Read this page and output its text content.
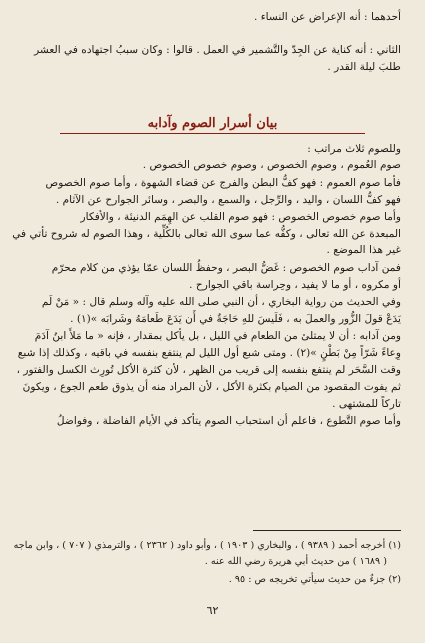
أحدهما : أنه الإعراض عن النساء .
الثاني : أنه كناية عن الجِدّ والتَّشمير في العمل . قالوا : وكان سببُ اجتهاده في العشر
طلبَ ليلة القدر .
بيان أسرار الصوم وآدابه
وللصوم ثلاث مراتب :
صوم العُموم ، وصوم الخصوص ، وصوم خصوص الخصوص .
فأما صوم العموم : فهو كفُّ البطن والفرج عن قضاء الشهوة ، وأما صوم الخصوص
فهو كفُّ اللسان ، واليد ، والرِّجل ، والسمع ، والبصر ، وسائر الجوارح عن الآثام .
وأما صوم خصوص الخصوص : فهو صوم القلب عن الهِمَم الدنيئة ، والأفكار
المبعدة عن الله تعالى ، وكفُّه عما سوى الله تعالى بالكُلِّية ، وهذا الصوم له شروح تأتي في
غير هذا الموضع .
فمن آداب صوم الخصوص : غَضُّ البصر ، وحفظُ اللسان عمّا يؤذي من كلام محرّم
أو مكروه ، أو ما لا يفيد ، وحِراسة باقي الجوارح .
وفي الحديث من رواية البخاري ، أن النبي صلى الله عليه وآله وسلم قال : « مَنْ لَم
يَدَعْ قولَ الزُّور والعملَ به ، فَلَيسَ للهِ حَاجَةٌ في أَن يَدَعَ طَعامَهُ وشَرابَه »(١) .
ومن آدابه : أن لا يمتلئ من الطعام في الليل ، بل يأكل بمقدار ، فإنه « ما مَلأَ ابنُ آدَمَ
وِعاءً شَرّاً مِنْ بَطْنٍ »(٢) . ومتى شبع أول الليل لم ينتفع بنفسه في باقيه ، وكذلك إذا شبع
وقت السَّحَر لم ينتفع بنفسه إلى قريب من الظهر ، لأن كثرة الأكل تُورِث الكسل والفتور ،
ثم يفوت المقصود من الصيام بكثرة الأكل ، لأن المراد منه أن يذوق طعم الجوع ، ويكونَ
تاركاً للمشتهى .
وأما صوم التَّطوع ، فاعلم أن استحباب الصوم يتأكد في الأيام الفاضلة ، وفواضلُ
(١) أخرجه أحمد ( ٩٣٨٩ ) ، والبخاري ( ١٩٠٣ ) ، وأبو داود ( ٢٣٦٢ ) ، والترمذي ( ٧٠٧ ) ، وابن ماجه
( ١٦٨٩ ) من حديث أبي هريرة رضي الله عنه .
(٢) جزءٌ من حديث سيأتي تخريجه ص : ٩٥ .
٦٢
